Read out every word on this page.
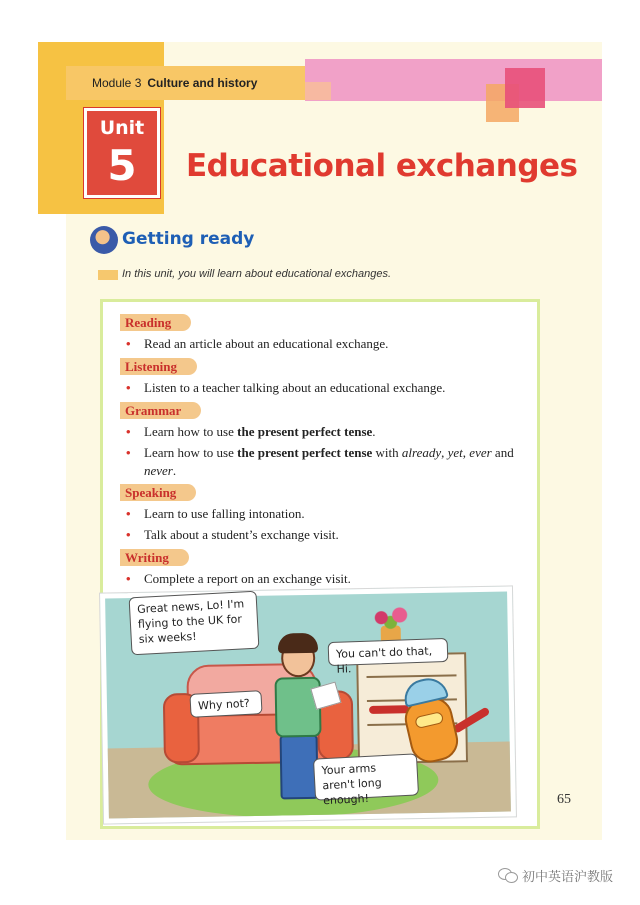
Module 3 Culture and history
Unit
5	Educational exchanges
Getting ready
In this unit, you will learn about educational exchanges.
Reading
• Read an article about an educational exchange.
Listening
• Listen to a teacher talking about an educational exchange.
Grammar
• Learn how to use the present perfect tense.
• Learn how to use the present perfect tense with already, yet, ever and never.
Speaking
• Learn to use falling intonation.
• Talk about a student’s exchange visit.
Writing
• Complete a report on an exchange visit.
Great news, Lo! I'm flying to the UK for six weeks!
You can't do that, Hi.
Why not?
Your arms aren't long enough!	65
初中英语沪教版
